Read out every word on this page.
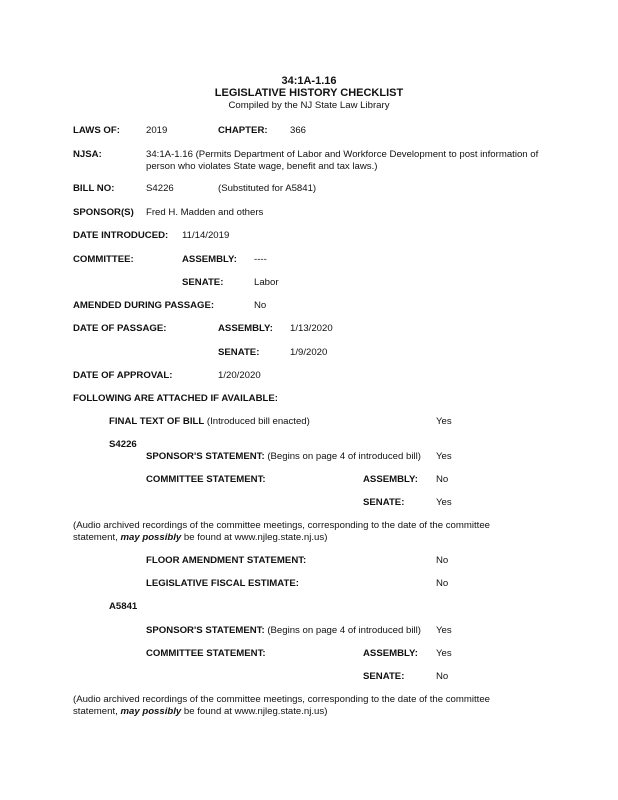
34:1A-1.16
LEGISLATIVE HISTORY CHECKLIST
Compiled by the NJ State Law Library
LAWS OF:	2019	CHAPTER: 366
NJSA:	34:1A-1.16 (Permits Department of Labor and Workforce Development to post information of person who violates State wage, benefit and tax laws.)
BILL NO:	S4226	(Substituted for A5841)
SPONSOR(S) Fred H. Madden and others
DATE INTRODUCED: 11/14/2019
COMMITTEE:	ASSEMBLY: ----
SENATE:	Labor
AMENDED DURING PASSAGE:	No
DATE OF PASSAGE:	ASSEMBLY: 1/13/2020
SENATE:	1/9/2020
DATE OF APPROVAL:	1/20/2020
FOLLOWING ARE ATTACHED IF AVAILABLE:
FINAL TEXT OF BILL (Introduced bill enacted)	Yes
S4226
SPONSOR'S STATEMENT: (Begins on page 4 of introduced bill) Yes
COMMITTEE STATEMENT:	ASSEMBLY: No
SENATE:	Yes
(Audio archived recordings of the committee meetings, corresponding to the date of the committee statement, may possibly be found at www.njleg.state.nj.us)
FLOOR AMENDMENT STATEMENT:	No
LEGISLATIVE FISCAL ESTIMATE:	No
A5841
SPONSOR'S STATEMENT: (Begins on page 4 of introduced bill) Yes
COMMITTEE STATEMENT:	ASSEMBLY: Yes
SENATE:	No
(Audio archived recordings of the committee meetings, corresponding to the date of the committee statement, may possibly be found at www.njleg.state.nj.us)
